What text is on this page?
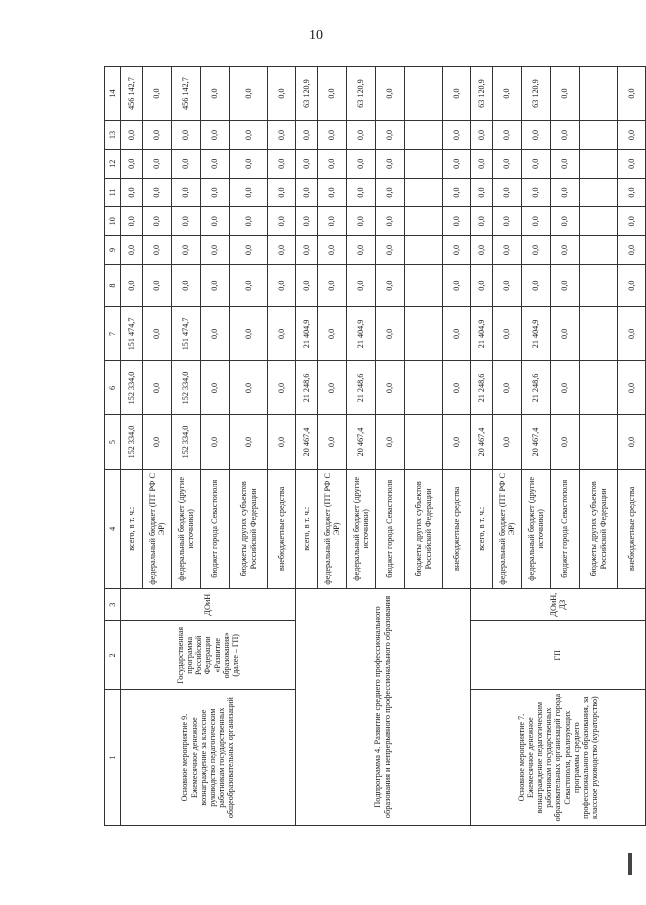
10
1	2	3	4	5	6	7	8	9	10	11	12	13	14
Основное мероприятие 9. Ежемесячное денежное вознаграждение за классное руководство педагогическим работникам государственных общеобразовательных организаций	Государственная программа Российской Федерации «Развитие образования» (далее – ГП)	ДОиН	всего, в т. ч.:	152 334,0	152 334,0	151 474,7	0,0	0,0	0,0	0,0	0,0	0,0	456 142,7
			федеральный бюджет (ПТ РФ С ЭР)	0,0	0,0	0,0	0,0	0,0	0,0	0,0	0,0	0,0	0,0
			федеральный бюджет (другие источники)	152 334,0	152 334,0	151 474,7	0,0	0,0	0,0	0,0	0,0	0,0	456 142,7
			бюджет города Севастополя	0,0	0,0	0,0	0,0	0,0	0,0	0,0	0,0	0,0	0,0
			бюджеты других субъектов Российской Федерации	0,0	0,0	0,0	0,0	0,0	0,0	0,0	0,0	0,0	0,0
			внебюджетные средства	0,0	0,0	0,0	0,0	0,0	0,0	0,0	0,0	0,0	0,0
Подпрограмма 4. Развитие среднего профессионального образования и непрерывного профессионального образования			всего, в т. ч.:	20 467,4	21 248,6	21 404,9	0,0	0,0	0,0	0,0	0,0	0,0	63 120,9
			федеральный бюджет (ПТ РФ С ЭР)	0,0	0,0	0,0	0,0	0,0	0,0	0,0	0,0	0,0	0,0
			федеральный бюджет (другие источники)	20 467,4	21 248,6	21 404,9	0,0	0,0	0,0	0,0	0,0	0,0	63 120,9
			бюджет города Севастополя	0,0	0,0	0,0	0,0	0,0	0,0	0,0	0,0	0,0	0,0
			бюджеты других субъектов Российской Федерации										
			внебюджетные средства	0,0	0,0	0,0	0,0	0,0	0,0	0,0	0,0	0,0	0,0
Основное мероприятие 7. Ежемесячное денежное вознаграждение педагогическим работникам государственных образовательных организаций города Севастополя, реализующих программы среднего профессионального образования, за классное руководство (кураторство)	ГП	ДОиН, ДЗ	всего, в т. ч.:	20 467,4	21 248,6	21 404,9	0,0	0,0	0,0	0,0	0,0	0,0	63 120,9
			федеральный бюджет (ПТ РФ С ЭР)	0,0	0,0	0,0	0,0	0,0	0,0	0,0	0,0	0,0	0,0
			федеральный бюджет (другие источники)	20 467,4	21 248,6	21 404,9	0,0	0,0	0,0	0,0	0,0	0,0	63 120,9
			бюджет города Севастополя	0,0	0,0	0,0	0,0	0,0	0,0	0,0	0,0	0,0	0,0
			бюджеты других субъектов Российской Федерации										
			внебюджетные средства	0,0	0,0	0,0	0,0	0,0	0,0	0,0	0,0	0,0	0,0
